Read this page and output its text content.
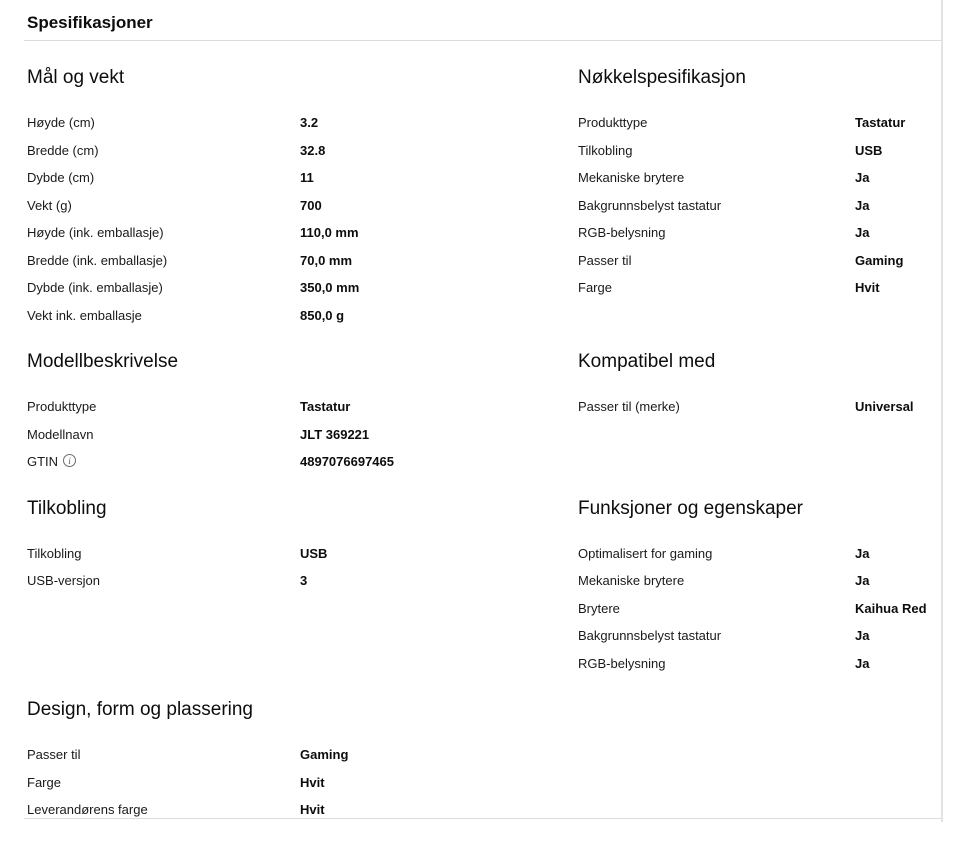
Spesifikasjoner
Mål og vekt
Høyde (cm)	3.2
Bredde (cm)	32.8
Dybde (cm)	11
Vekt (g)	700
Høyde (ink. emballasje)	110,0 mm
Bredde (ink. emballasje)	70,0 mm
Dybde (ink. emballasje)	350,0 mm
Vekt ink. emballasje	850,0 g
Nøkkelspesifikasjon
Produkttype	Tastatur
Tilkobling	USB
Mekaniske brytere	Ja
Bakgrunnsbelyst tastatur	Ja
RGB-belysning	Ja
Passer til	Gaming
Farge	Hvit
Modellbeskrivelse
Produkttype	Tastatur
Modellnavn	JLT 369221
GTIN i	4897076697465
Kompatibel med
Passer til (merke)	Universal
Tilkobling
Tilkobling	USB
USB-versjon	3
Funksjoner og egenskaper
Optimalisert for gaming	Ja
Mekaniske brytere	Ja
Brytere	Kaihua Red
Bakgrunnsbelyst tastatur	Ja
RGB-belysning	Ja
Design, form og plassering
Passer til	Gaming
Farge	Hvit
Leverandørens farge	Hvit
